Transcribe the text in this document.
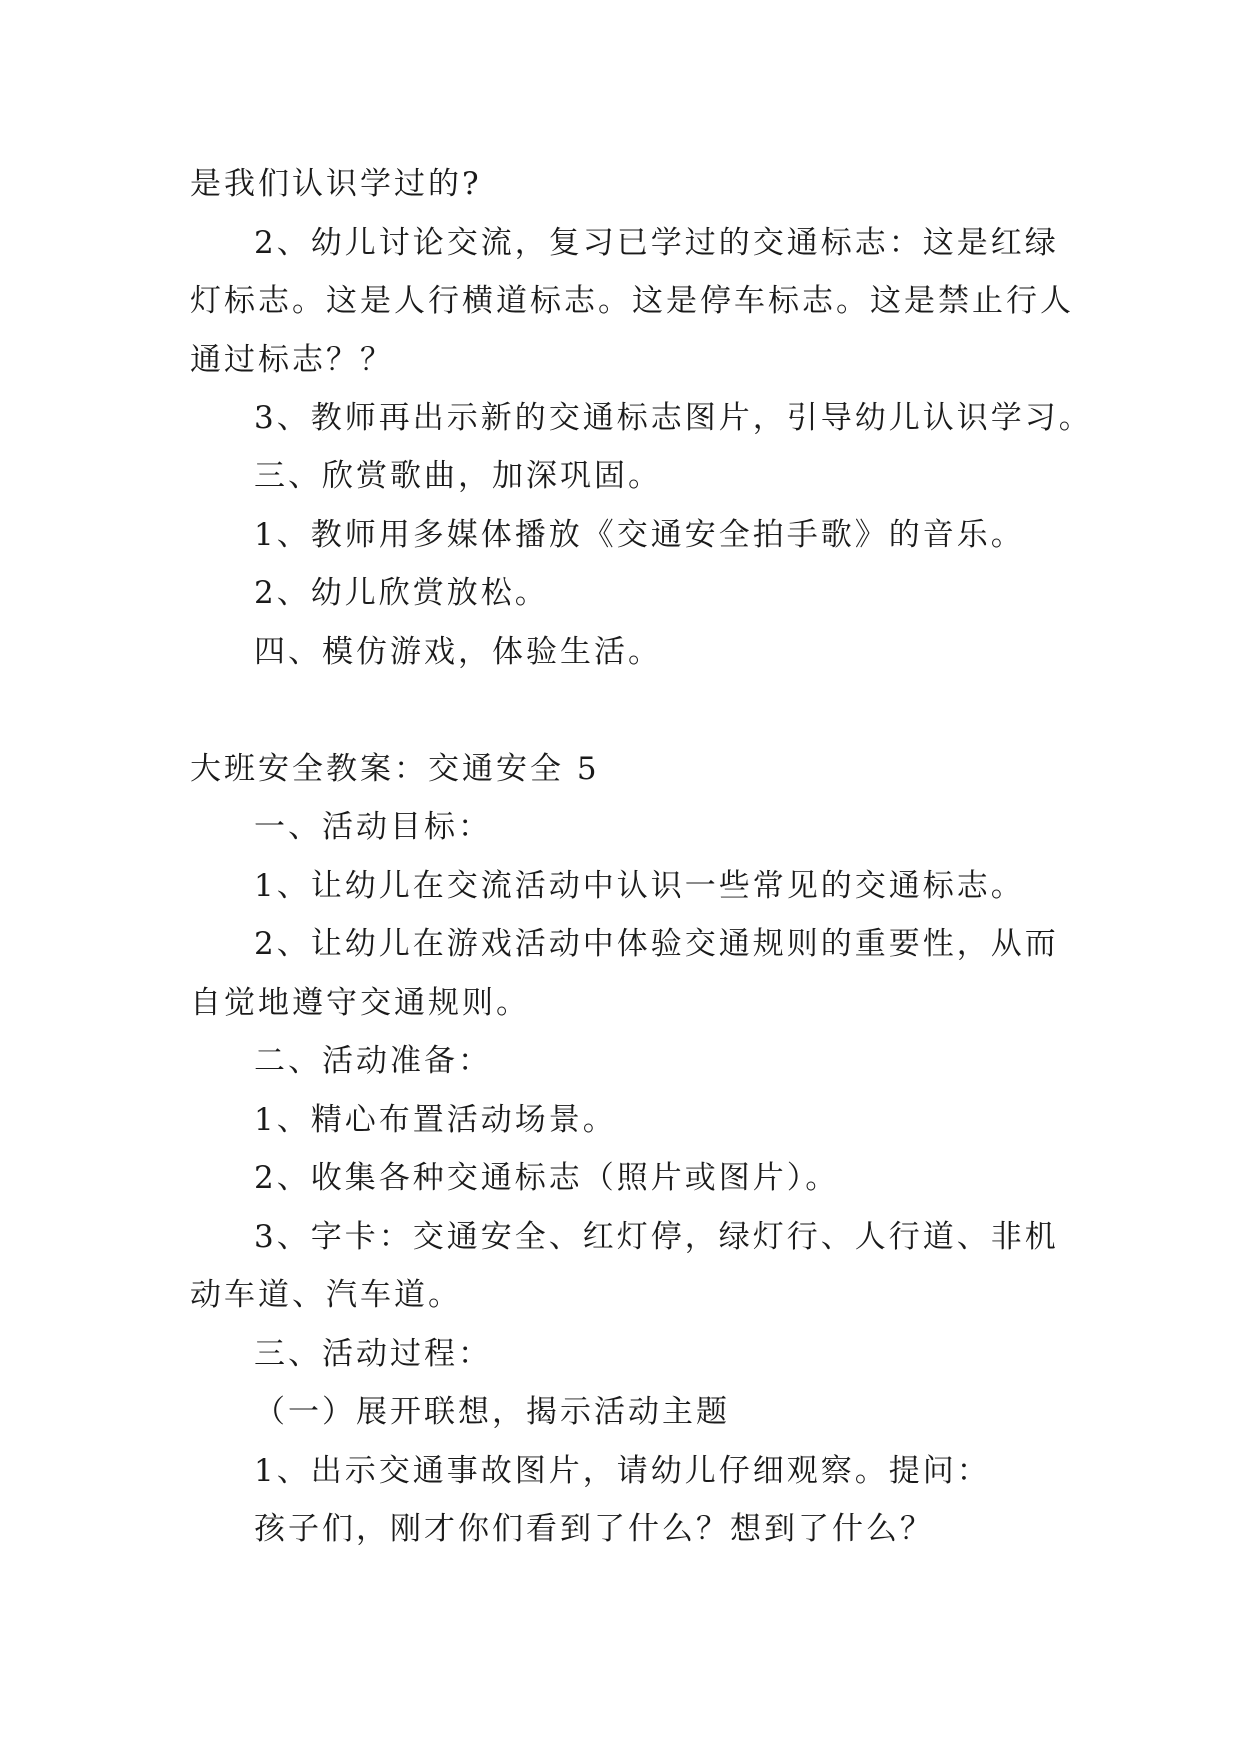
是我们认识学过的?
2、幼儿讨论交流，复习已学过的交通标志：这是红绿
灯标志。这是人行横道标志。这是停车标志。这是禁止行人
通过标志？？
3、教师再出示新的交通标志图片，引导幼儿认识学习。
三、欣赏歌曲，加深巩固。
1、教师用多媒体播放《交通安全拍手歌》的音乐。
2、幼儿欣赏放松。
四、模仿游戏，体验生活。
大班安全教案：交通安全 5
一、活动目标：
1、让幼儿在交流活动中认识一些常见的交通标志。
2、让幼儿在游戏活动中体验交通规则的重要性，从而
自觉地遵守交通规则。
二、活动准备：
1、精心布置活动场景。
2、收集各种交通标志（照片或图片）。
3、字卡：交通安全、红灯停，绿灯行、人行道、非机
动车道、汽车道。
三、活动过程：
（一）展开联想，揭示活动主题
1、出示交通事故图片，请幼儿仔细观察。提问：
孩子们，刚才你们看到了什么？想到了什么？
